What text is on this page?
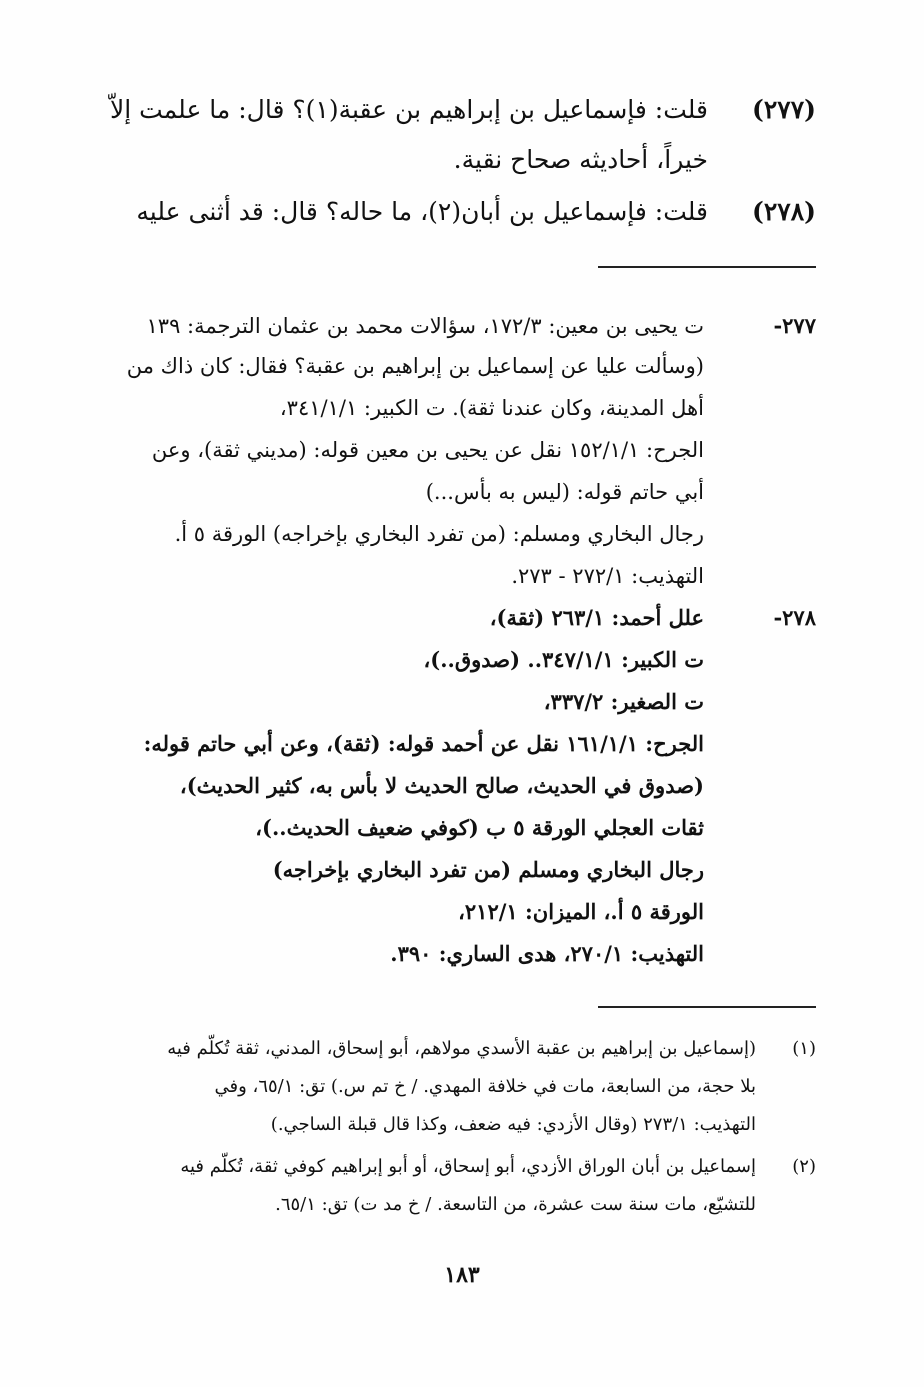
(٢٧٧)
قلت: فإسماعيل بن إبراهيم بن عقبة(١)؟ قال: ما علمت إلاّ
خيراً، أحاديثه صحاح نقية.
(٢٧٨)
قلت: فإسماعيل بن أبان(٢)، ما حاله؟ قال: قد أثنى عليه
٢٧٧-
ت يحيى بن معين: ١٧٢/٣، سؤالات محمد بن عثمان الترجمة: ١٣٩
(وسألت عليا عن إسماعيل بن إبراهيم بن عقبة؟ فقال: كان ذاك من
أهل المدينة، وكان عندنا ثقة). ت الكبير: ٣٤١/١/١،
الجرح: ١٥٢/١/١ نقل عن يحيى بن معين قوله: (مديني ثقة)، وعن
أبي حاتم قوله: (ليس به بأس...)
رجال البخاري ومسلم: (من تفرد البخاري بإخراجه) الورقة ٥ أ.
التهذيب: ٢٧٢/١ - ٢٧٣.
٢٧٨-
علل أحمد: ٢٦٣/١ (ثقة)،
ت الكبير: ٣٤٧/١/١.. (صدوق..)،
ت الصغير: ٣٣٧/٢،
الجرح: ١٦١/١/١ نقل عن أحمد قوله: (ثقة)، وعن أبي حاتم قوله:
(صدوق في الحديث، صالح الحديث لا بأس به، كثير الحديث)،
ثقات العجلي الورقة ٥ ب (كوفي ضعيف الحديث..)،
رجال البخاري ومسلم (من تفرد البخاري بإخراجه)
الورقة ٥ أ.، الميزان: ٢١٢/١،
التهذيب: ٢٧٠/١، هدى الساري: ٣٩٠.
(١)
(إسماعيل بن إبراهيم بن عقبة الأسدي مولاهم، أبو إسحاق، المدني، ثقة تُكلّم فيه
بلا حجة، من السابعة، مات في خلافة المهدي. / خ تم س.) تق: ٦٥/١، وفي
التهذيب: ٢٧٣/١ (وقال الأزدي: فيه ضعف، وكذا قال قبلة الساجي.)
(٢)
إسماعيل بن أبان الوراق الأزدي، أبو إسحاق، أو أبو إبراهيم كوفي ثقة، تُكلّم فيه
للتشيّع، مات سنة ست عشرة، من التاسعة. / خ مد ت) تق: ٦٥/١.
١٨٣
